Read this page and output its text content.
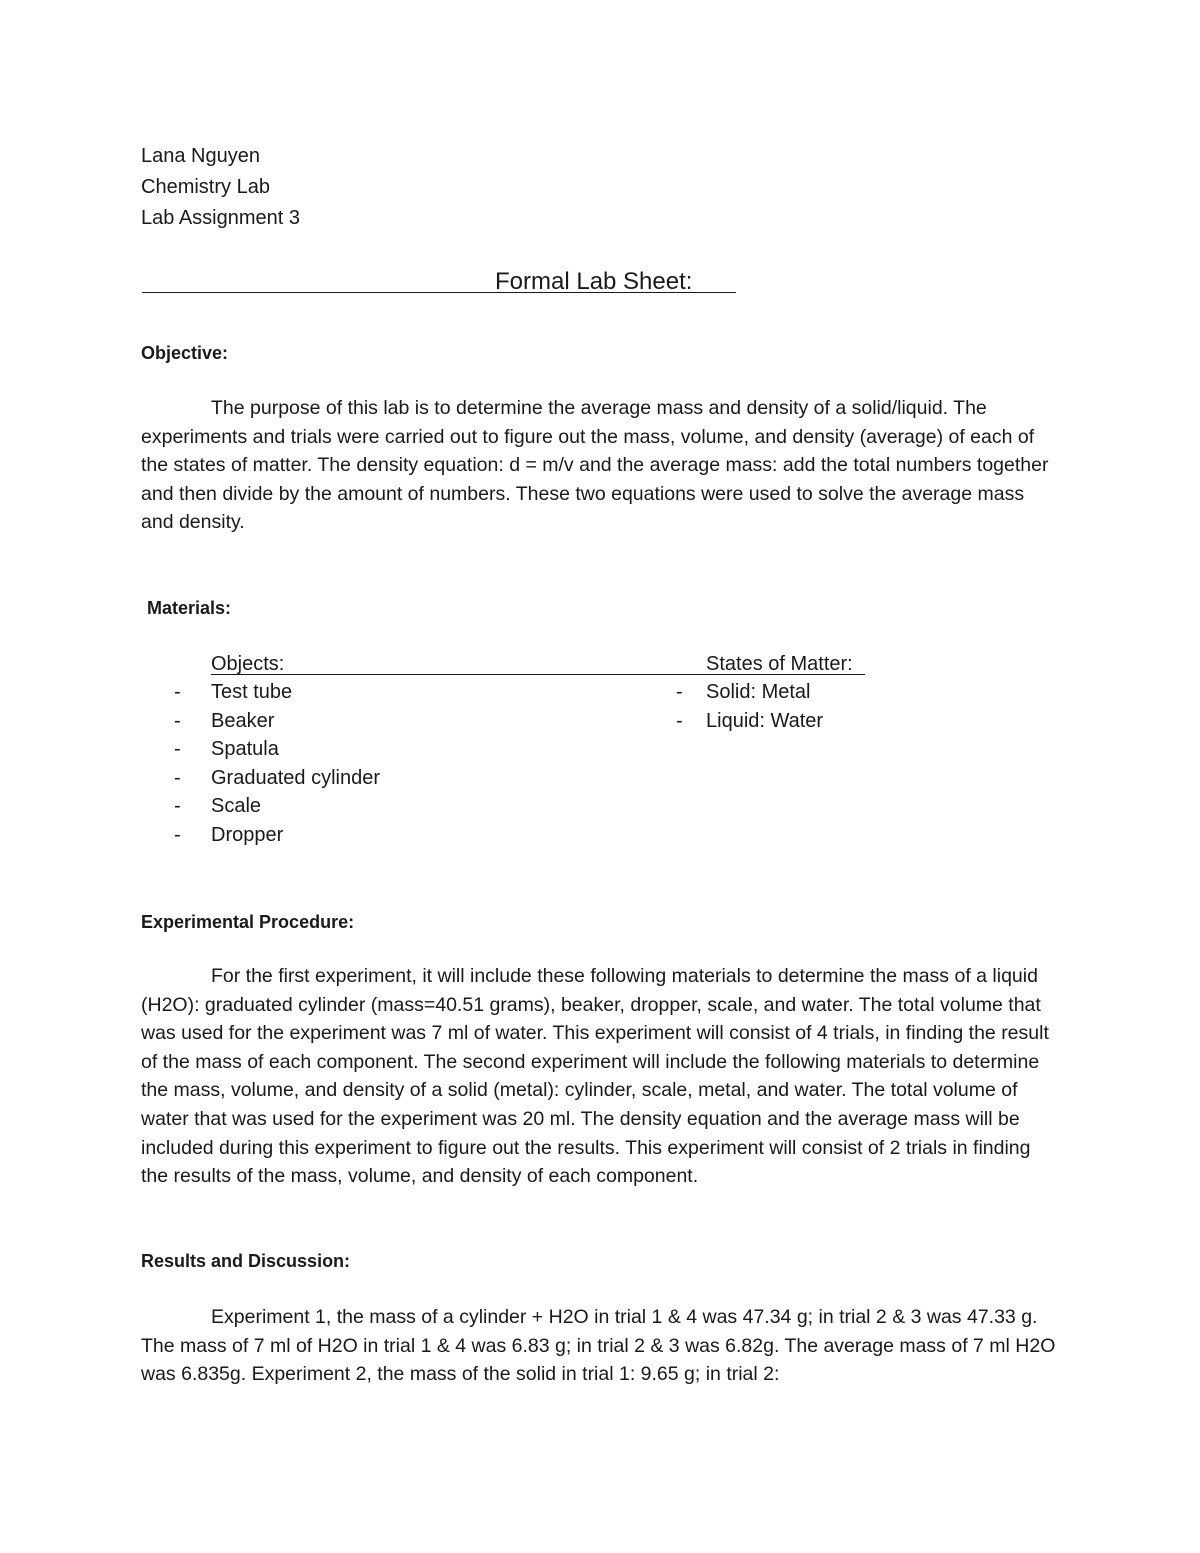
Lana Nguyen
Chemistry Lab
Lab Assignment 3
Formal Lab Sheet:
Objective:
The purpose of this lab is to determine the average mass and density of a solid/liquid. The experiments and trials were carried out to figure out the mass, volume, and density (average) of each of the states of matter. The density equation: d = m/v and the average mass: add the total numbers together and then divide by the amount of numbers. These two equations were used to solve the average mass and density.
Materials:
Objects:	States of Matter:
- Test tube
- Beaker
- Spatula
- Graduated cylinder
- Scale
- Dropper
- Solid: Metal
- Liquid: Water
Experimental Procedure:
For the first experiment, it will include these following materials to determine the mass of a liquid (H2O): graduated cylinder (mass=40.51 grams), beaker, dropper, scale, and water. The total volume that was used for the experiment was 7 ml of water. This experiment will consist of 4 trials, in finding the result of the mass of each component. The second experiment will include the following materials to determine the mass, volume, and density of a solid (metal): cylinder, scale, metal, and water. The total volume of water that was used for the experiment was 20 ml. The density equation and the average mass will be included during this experiment to figure out the results. This experiment will consist of 2 trials in finding the results of the mass, volume, and density of each component.
Results and Discussion:
Experiment 1, the mass of a cylinder + H2O in trial 1 & 4 was 47.34 g; in trial 2 & 3 was 47.33 g. The mass of 7 ml of H2O in trial 1 & 4 was 6.83 g; in trial 2 & 3 was 6.82g. The average mass of 7 ml H2O was 6.835g. Experiment 2, the mass of the solid in trial 1: 9.65 g; in trial 2:
